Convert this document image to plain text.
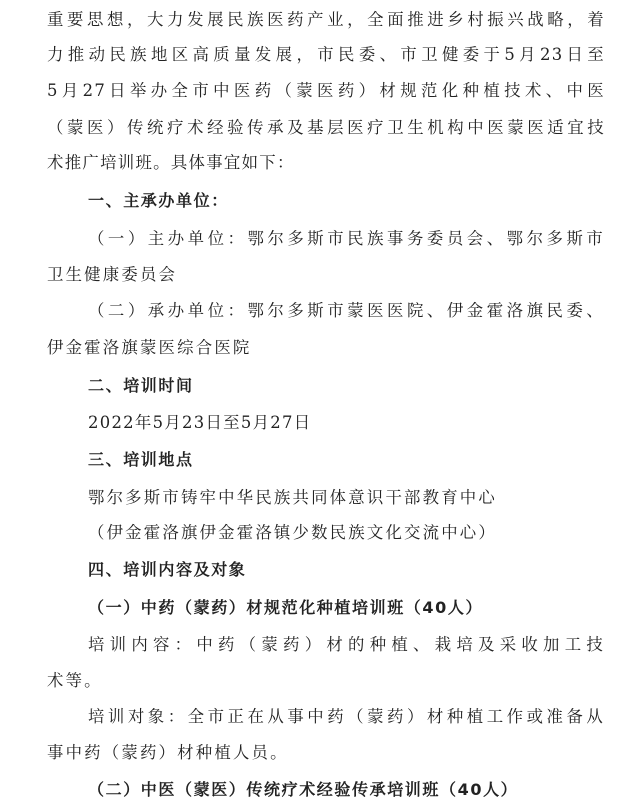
重要思想，大力发展民族医药产业，全面推进乡村振兴战略，着
力推动民族地区高质量发展，市民委、市卫健委于5月23日至
5月27日举办全市中医药（蒙医药）材规范化种植技术、中医
（蒙医）传统疗术经验传承及基层医疗卫生机构中医蒙医适宜技
术推广培训班。具体事宜如下：
一、主承办单位：
（一）主办单位：鄂尔多斯市民族事务委员会、鄂尔多斯市
卫生健康委员会
（二）承办单位：鄂尔多斯市蒙医医院、伊金霍洛旗民委、
伊金霍洛旗蒙医综合医院
二、培训时间
2022年5月23日至5月27日
三、培训地点
鄂尔多斯市铸牢中华民族共同体意识干部教育中心
（伊金霍洛旗伊金霍洛镇少数民族文化交流中心）
四、培训内容及对象
（一）中药（蒙药）材规范化种植培训班（40人）
培训内容：中药（蒙药）材的种植、栽培及采收加工技
术等。
培训对象：全市正在从事中药（蒙药）材种植工作或准备从
事中药（蒙药）材种植人员。
（二）中医（蒙医）传统疗术经验传承培训班（40人）
